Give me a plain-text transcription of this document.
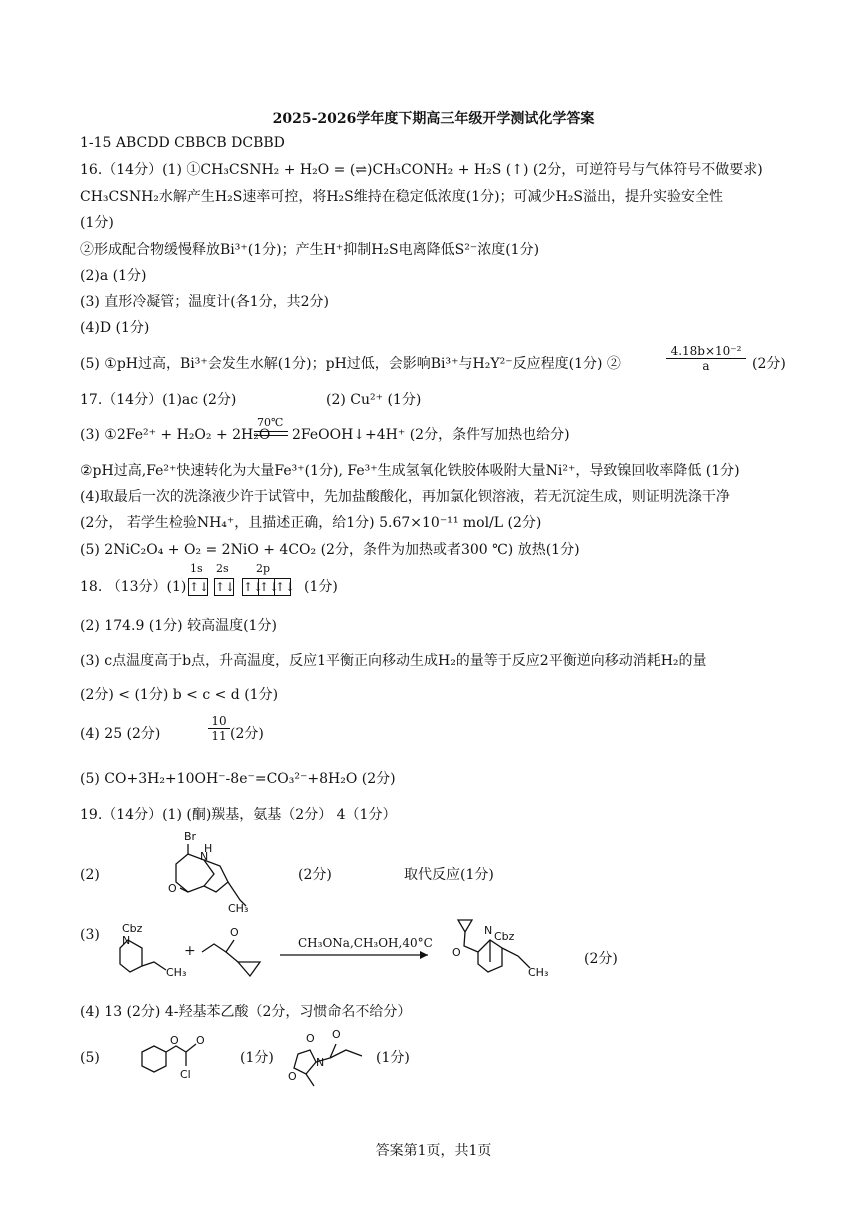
2025-2026学年度下期高三年级开学测试化学答案
1-15 ABCDD CBBCB DCBBD
16.（14分）(1) ①CH₃CSNH₂ + H₂O = (⇌)CH₃CONH₂ + H₂S (↑) (2分，可逆符号与气体符号不做要求)
CH₃CSNH₂水解产生H₂S速率可控，将H₂S维持在稳定低浓度(1分)；可减少H₂S溢出，提升实验安全性
(1分)
②形成配合物缓慢释放Bi³⁺(1分)；产生H⁺抑制H₂S电离降低S²⁻浓度(1分)
(2)a (1分)
(3) 直形冷凝管；温度计(各1分，共2分)
(4)D (1分)
(5) ①pH过高，Bi³⁺会发生水解(1分)；pH过低，会影响Bi³⁺与H₂Y²⁻反应程度(1分) ②	$\frac{\text{4.18b×10⁻²}}{a} (2$分)
17.（14分）(1)ac (2分)	(2) Cu²⁺ (1分)
(3) ①2Fe²⁺ + H₂O₂ + 2H₂O
70℃
2FeOOH↓+4H⁺ (2分，条件写加热也给分)
②pH过高,Fe²⁺快速转化为大量Fe³⁺(1分), Fe³⁺生成氢氧化铁胶体吸附大量Ni²⁺，导致镍回收率降低 (1分)
(4)取最后一次的洗涤液少许于试管中，先加盐酸酸化，再加氯化钡溶液，若无沉淀生成，则证明洗涤干净
(2分， 若学生检验NH₄⁺，且描述正确，给1分) 5.67×10⁻¹¹ mol/L (2分)
(5) 2NiC₂O₄ + O₂ = 2NiO + 4CO₂ (2分，条件为加热或者300 ℃) 放热(1分)
18. （13分）(1)
1s 2s 2p
↑↓ ↑↓ ↑↓
↑↓
↑↓ (1分)
(2) 174.9 (1分) 较高温度(1分)
(3) c点温度高于b点，升高温度，反应1平衡正向移动生成H₂的量等于反应2平衡逆向移动消耗H₂的量
(2分) < (1分) b < c < d (1分)
(4) 25 (2分)	$\frac{10}{11} (2$分)
(5) CO+3H₂+10OH⁻-8e⁻=CO₃²⁻+8H₂O (2分)
19.（14分）(1) (酮)羰基，氨基（2分） 4（1分）
(2)
Br
N
H
O
CH₃
(2分)	取代反应(1分)
(3) Cbz
N
CH₃
+
O
CH₃ONa,CH₃OH,40°C
O
N Cbz
CH₃
(2分)
(4) 13 (2分) 4-羟基苯乙酸（2分，习惯命名不给分）
(5)
O O
Cl
(1分)
O
O
O
N	(1分)
答案第1页，共1页
